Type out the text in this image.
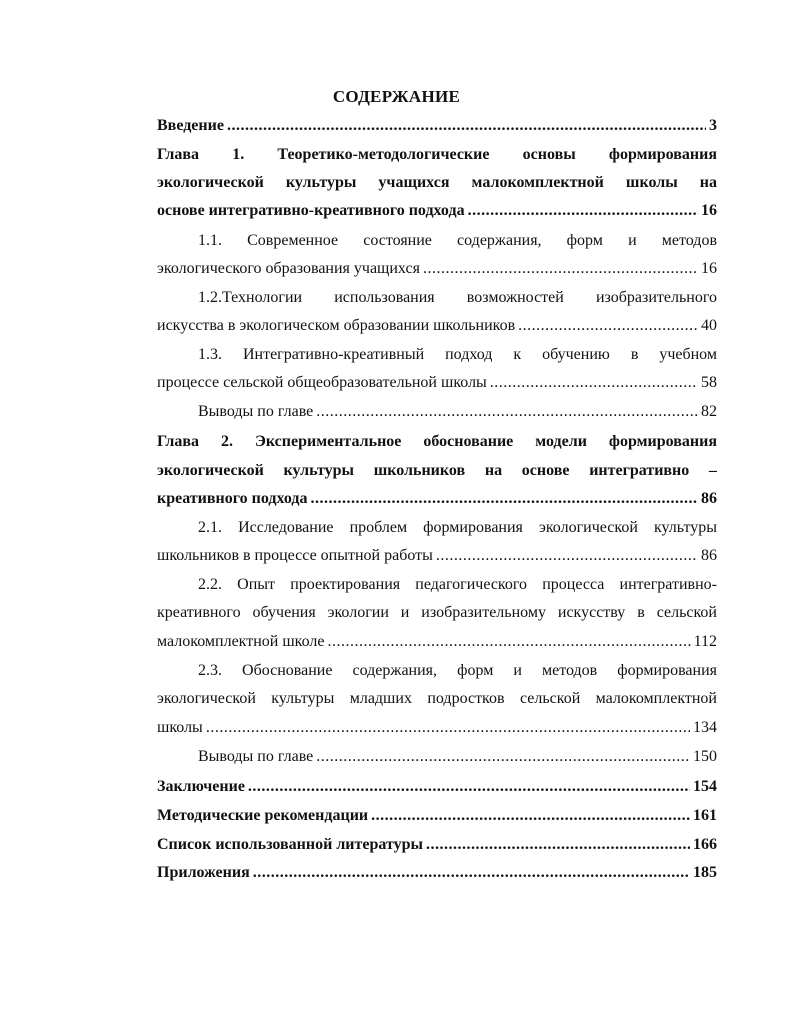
СОДЕРЖАНИЕ
Введение .....	3
Глава 1. Теоретико-методологические основы формирования
экологической культуры учащихся малокомплектной школы на
основе интегративно-креативного подхода .....	16
1.1. Современное состояние содержания, форм и методов
экологического образования учащихся .....	16
1.2.Технологии использования возможностей изобразительного
искусства в экологическом образовании школьников .....	40
1.3. Интегративно-креативный подход к обучению в учебном
процессе сельской общеобразовательной школы .....	58
Выводы по главе .....	82
Глава 2. Экспериментальное обоснование модели формирования
экологической культуры школьников на основе интегративно –
креативного подхода .....	86
2.1. Исследование проблем формирования экологической культуры
школьников в процессе опытной работы .....	86
2.2. Опыт проектирования педагогического процесса интегративно-
креативного обучения экологии и изобразительному искусству в сельской
малокомплектной школе .....	112
2.3. Обоснование содержания, форм и методов формирования
экологической культуры младших подростков сельской малокомплектной
школы .....	134
Выводы по главе .....	150
Заключение .....	154
Методические рекомендации .....	161
Список использованной литературы .....	166
Приложения .....	185
